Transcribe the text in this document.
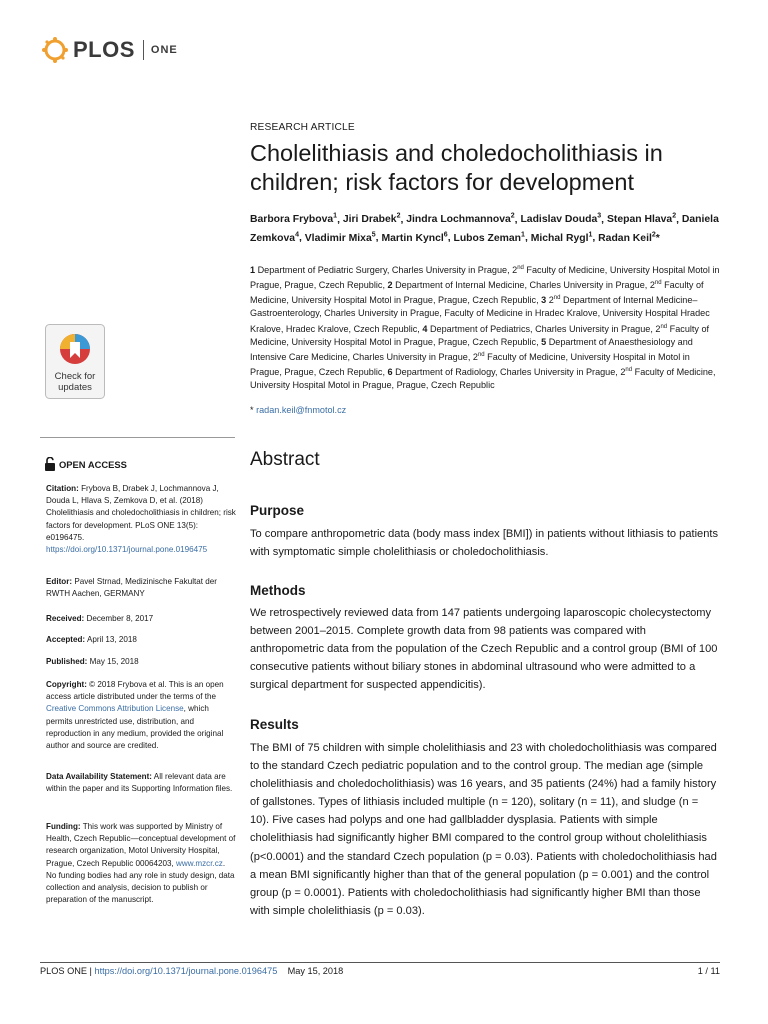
PLOS ONE
Check for
updates
OPEN ACCESS
Citation: Frybova B, Drabek J, Lochmannova J, Douda L, Hlava S, Zemkova D, et al. (2018) Cholelithiasis and choledocholithiasis in children; risk factors for development. PLoS ONE 13(5): e0196475. https://doi.org/10.1371/journal.pone.0196475
Editor: Pavel Strnad, Medizinische Fakultat der RWTH Aachen, GERMANY
Received: December 8, 2017
Accepted: April 13, 2018
Published: May 15, 2018
Copyright: © 2018 Frybova et al. This is an open access article distributed under the terms of the Creative Commons Attribution License, which permits unrestricted use, distribution, and reproduction in any medium, provided the original author and source are credited.
Data Availability Statement: All relevant data are within the paper and its Supporting Information files.
Funding: This work was supported by Ministry of Health, Czech Republic—conceptual development of research organization, Motol University Hospital, Prague, Czech Republic 00064203, www.mzcr.cz. No funding bodies had any role in study design, data collection and analysis, decision to publish or preparation of the manuscript.
RESEARCH ARTICLE
Cholelithiasis and choledocholithiasis in children; risk factors for development
Barbora Frybova$^1$, Jiri Drabek$^2$, Jindra Lochmannova$^2$, Ladislav Douda$^3$, Stepan Hlava$^2$, Daniela Zemkova$^4$, Vladimir Mixa$^5$, Martin Kyncl$^6$, Lubos Zeman$^1$, Michal Rygl$^1$, Radan Keil$^2$*
1 Department of Pediatric Surgery, Charles University in Prague, 2nd Faculty of Medicine, University Hospital Motol in Prague, Prague, Czech Republic, 2 Department of Internal Medicine, Charles University in Prague, 2nd Faculty of Medicine, University Hospital Motol in Prague, Prague, Czech Republic, 3 2nd Department of Internal Medicine–Gastroenterology, Charles University in Prague, Faculty of Medicine in Hradec Kralove, University Hospital Hradec Kralove, Hradec Kralove, Czech Republic, 4 Department of Pediatrics, Charles University in Prague, 2nd Faculty of Medicine, University Hospital Motol in Prague, Prague, Czech Republic, 5 Department of Anaesthesiology and Intensive Care Medicine, Charles University in Prague, 2nd Faculty of Medicine, University Hospital in Motol in Prague, Prague, Czech Republic, 6 Department of Radiology, Charles University in Prague, 2nd Faculty of Medicine, University Hospital Motol in Prague, Prague, Czech Republic
* radan.keil@fnmotol.cz
Abstract
Purpose
To compare anthropometric data (body mass index [BMI]) in patients without lithiasis to patients with symptomatic simple cholelithiasis or choledocholithiasis.
Methods
We retrospectively reviewed data from 147 patients undergoing laparoscopic cholecystectomy between 2001–2015. Complete growth data from 98 patients was compared with anthropometric data from the population of the Czech Republic and a control group (BMI of 100 consecutive patients without biliary stones in abdominal ultrasound who were admitted to a surgical department for suspected appendicitis).
Results
The BMI of 75 children with simple cholelithiasis and 23 with choledocholithiasis was compared to the standard Czech pediatric population and to the control group. The median age (simple cholelithiasis and choledocholithiasis) was 16 years, and 35 patients (24%) had a family history of gallstones. Types of lithiasis included multiple (n = 120), solitary (n = 11), and sludge (n = 10). Five cases had polyps and one had gallbladder dysplasia. Patients with simple cholelithiasis had significantly higher BMI compared to the control group without cholelithiasis (p<0.0001) and the standard Czech population (p = 0.03). Patients with choledocholithiasis had a mean BMI significantly higher than that of the general population (p = 0.001) and the control group (p = 0.0001). Patients with choledocholithiasis had significantly higher BMI than those with simple cholelithiasis (p = 0.03).
PLOS ONE | https://doi.org/10.1371/journal.pone.0196475 May 15, 2018	1 / 11
